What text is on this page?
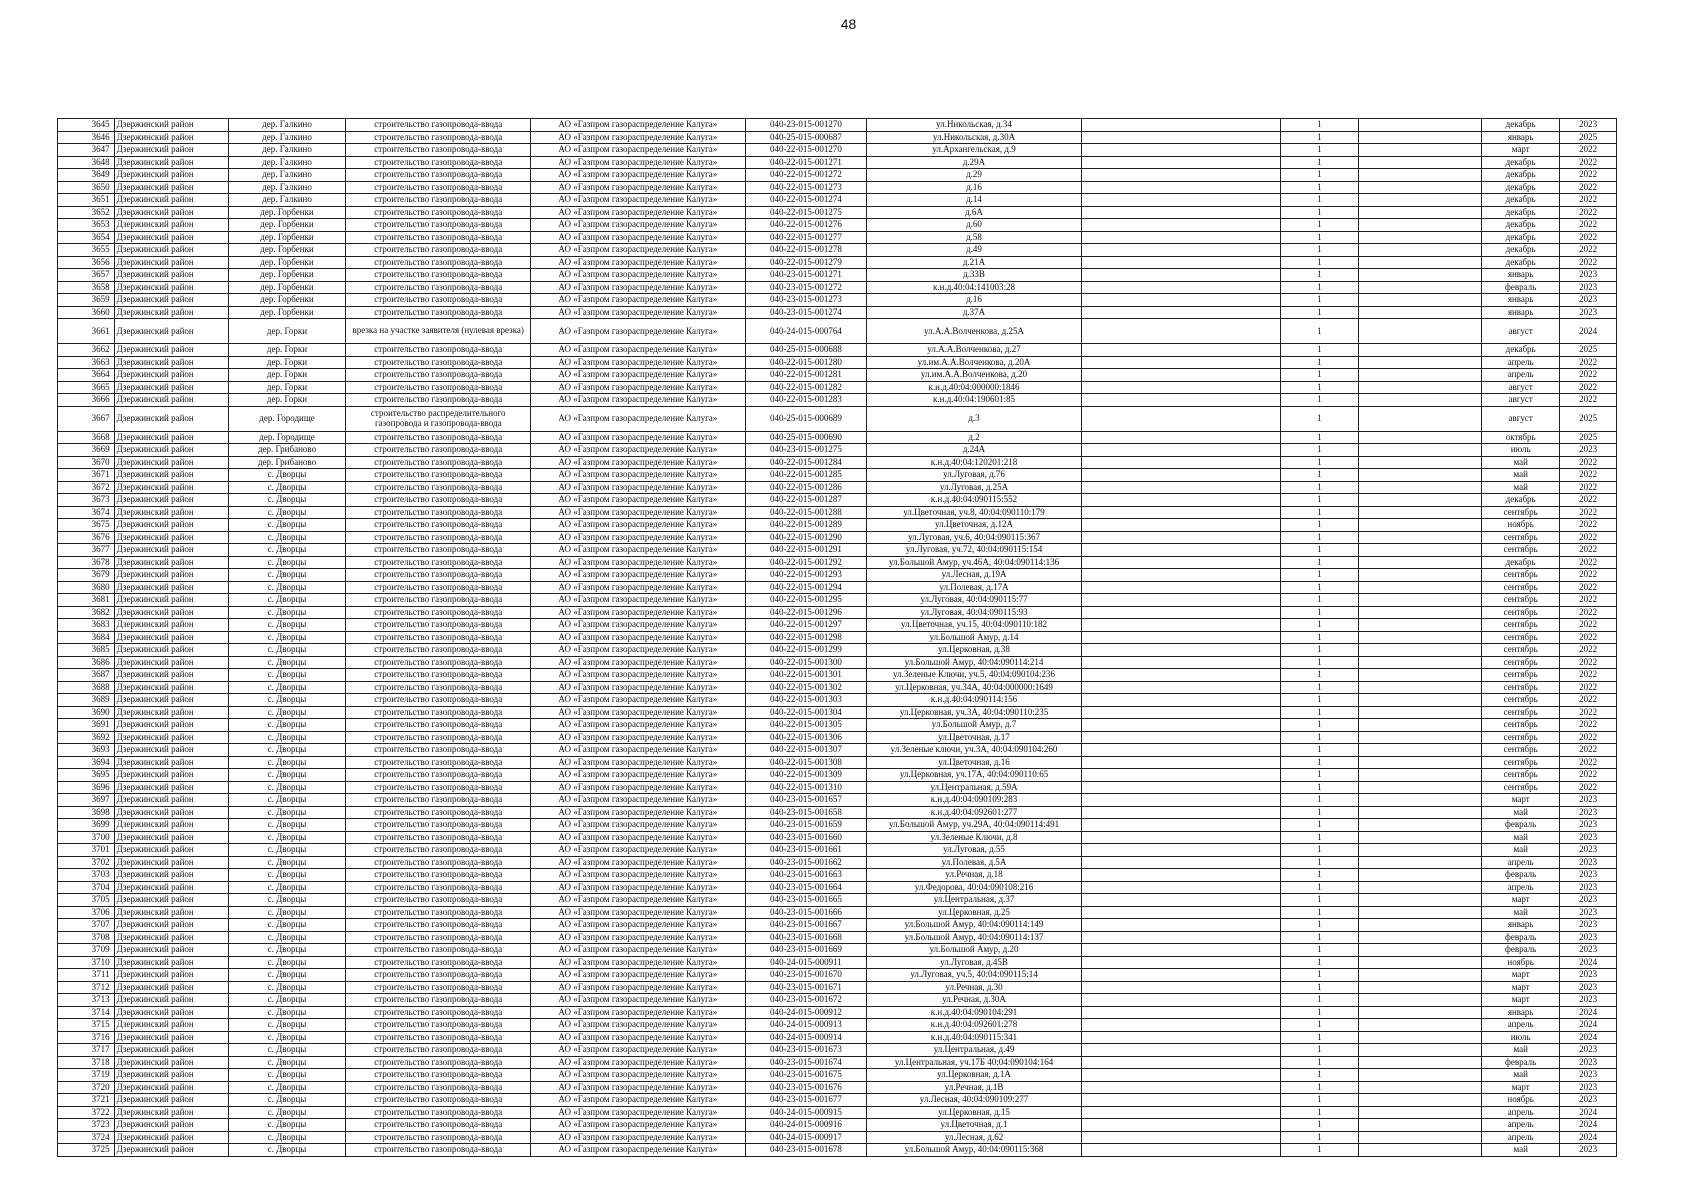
48
3645	Дзержинский район	дер. Галкино	строительство газопровода-ввода	АО «Газпром газораспределение Калуга»	040-23-015-001270	ул.Никольская, д.34		1		декабрь	2023
3646	Дзержинский район	дер. Галкино	строительство газопровода-ввода	АО «Газпром газораспределение Калуга»	040-25-015-000687	ул.Никольская, д.30А		1		январь	2025
3647	Дзержинский район	дер. Галкино	строительство газопровода-ввода	АО «Газпром газораспределение Калуга»	040-22-015-001270	ул.Архангельская, д.9		1		март	2022
3648	Дзержинский район	дер. Галкино	строительство газопровода-ввода	АО «Газпром газораспределение Калуга»	040-22-015-001271	д.29А		1		декабрь	2022
3649	Дзержинский район	дер. Галкино	строительство газопровода-ввода	АО «Газпром газораспределение Калуга»	040-22-015-001272	д.29		1		декабрь	2022
3650	Дзержинский район	дер. Галкино	строительство газопровода-ввода	АО «Газпром газораспределение Калуга»	040-22-015-001273	д.16		1		декабрь	2022
3651	Дзержинский район	дер. Галкино	строительство газопровода-ввода	АО «Газпром газораспределение Калуга»	040-22-015-001274	д.14		1		декабрь	2022
3652	Дзержинский район	дер. Горбенки	строительство газопровода-ввода	АО «Газпром газораспределение Калуга»	040-22-015-001275	д.6А		1		декабрь	2022
3653	Дзержинский район	дер. Горбенки	строительство газопровода-ввода	АО «Газпром газораспределение Калуга»	040-22-015-001276	д.60		1		декабрь	2022
3654	Дзержинский район	дер. Горбенки	строительство газопровода-ввода	АО «Газпром газораспределение Калуга»	040-22-015-001277	д.58		1		декабрь	2022
3655	Дзержинский район	дер. Горбенки	строительство газопровода-ввода	АО «Газпром газораспределение Калуга»	040-22-015-001278	д.49		1		декабрь	2022
3656	Дзержинский район	дер. Горбенки	строительство газопровода-ввода	АО «Газпром газораспределение Калуга»	040-22-015-001279	д.21А		1		декабрь	2022
3657	Дзержинский район	дер. Горбенки	строительство газопровода-ввода	АО «Газпром газораспределение Калуга»	040-23-015-001271	д.33В		1		январь	2023
3658	Дзержинский район	дер. Горбенки	строительство газопровода-ввода	АО «Газпром газораспределение Калуга»	040-23-015-001272	к.н.д.40:04:141003:28		1		февраль	2023
3659	Дзержинский район	дер. Горбенки	строительство газопровода-ввода	АО «Газпром газораспределение Калуга»	040-23-015-001273	д.16		1		январь	2023
3660	Дзержинский район	дер. Горбенки	строительство газопровода-ввода	АО «Газпром газораспределение Калуга»	040-23-015-001274	д.37А		1		январь	2023
3661	Дзержинский район	дер. Горки	врезка на участке заявителя (нулевая врезка)	АО «Газпром газораспределение Калуга»	040-24-015-000764	ул.А.А.Волченкова, д.25А		1		август	2024
3662	Дзержинский район	дер. Горки	строительство газопровода-ввода	АО «Газпром газораспределение Калуга»	040-25-015-000688	ул.А.А.Волченкова, д.27		1		декабрь	2025
3663	Дзержинский район	дер. Горки	строительство газопровода-ввода	АО «Газпром газораспределение Калуга»	040-22-015-001280	ул.им.А.А.Волченкова, д.20А		1		апрель	2022
3664	Дзержинский район	дер. Горки	строительство газопровода-ввода	АО «Газпром газораспределение Калуга»	040-22-015-001281	ул.им.А.А.Волченкова, д.20		1		апрель	2022
3665	Дзержинский район	дер. Горки	строительство газопровода-ввода	АО «Газпром газораспределение Калуга»	040-22-015-001282	к.н.д.40:04:000000:1846		1		август	2022
3666	Дзержинский район	дер. Горки	строительство газопровода-ввода	АО «Газпром газораспределение Калуга»	040-22-015-001283	к.н.д.40:04:190601:85		1		август	2022
3667	Дзержинский район	дер. Городище	строительство распределительного газопровода и газопровода-ввода	АО «Газпром газораспределение Калуга»	040-25-015-000689	д.3		1		август	2025
3668	Дзержинский район	дер. Городище	строительство газопровода-ввода	АО «Газпром газораспределение Калуга»	040-25-015-000690	д.2		1		октябрь	2025
3669	Дзержинский район	дер. Грибаново	строительство газопровода-ввода	АО «Газпром газораспределение Калуга»	040-23-015-001275	д.24А		1		июль	2023
3670	Дзержинский район	дер. Грибаново	строительство газопровода-ввода	АО «Газпром газораспределение Калуга»	040-22-015-001284	к.н.д.40:04:120201:218		1		май	2022
3671	Дзержинский район	с. Дворцы	строительство газопровода-ввода	АО «Газпром газораспределение Калуга»	040-22-015-001285	ул.Луговая, д.76		1		май	2022
3672	Дзержинский район	с. Дворцы	строительство газопровода-ввода	АО «Газпром газораспределение Калуга»	040-22-015-001286	ул.Луговая, д.25А		1		май	2022
3673	Дзержинский район	с. Дворцы	строительство газопровода-ввода	АО «Газпром газораспределение Калуга»	040-22-015-001287	к.н.д.40:04:090115:552		1		декабрь	2022
3674	Дзержинский район	с. Дворцы	строительство газопровода-ввода	АО «Газпром газораспределение Калуга»	040-22-015-001288	ул.Цветочная, уч.8, 40:04:090110:179		1		сентябрь	2022
3675	Дзержинский район	с. Дворцы	строительство газопровода-ввода	АО «Газпром газораспределение Калуга»	040-22-015-001289	ул.Цветочная, д.12А		1		ноябрь	2022
3676	Дзержинский район	с. Дворцы	строительство газопровода-ввода	АО «Газпром газораспределение Калуга»	040-22-015-001290	ул.Луговая, уч.6, 40:04:090115:367		1		сентябрь	2022
3677	Дзержинский район	с. Дворцы	строительство газопровода-ввода	АО «Газпром газораспределение Калуга»	040-22-015-001291	ул.Луговая, уч.72, 40:04:090115:154		1		сентябрь	2022
3678	Дзержинский район	с. Дворцы	строительство газопровода-ввода	АО «Газпром газораспределение Калуга»	040-22-015-001292	ул.Большой Амур, уч.46А, 40:04:090114:136		1		декабрь	2022
3679	Дзержинский район	с. Дворцы	строительство газопровода-ввода	АО «Газпром газораспределение Калуга»	040-22-015-001293	ул.Лесная, д.19А		1		сентябрь	2022
3680	Дзержинский район	с. Дворцы	строительство газопровода-ввода	АО «Газпром газораспределение Калуга»	040-22-015-001294	ул.Полевая, д.17А		1		сентябрь	2022
3681	Дзержинский район	с. Дворцы	строительство газопровода-ввода	АО «Газпром газораспределение Калуга»	040-22-015-001295	ул.Луговая, 40:04:090115:77		1		сентябрь	2022
3682	Дзержинский район	с. Дворцы	строительство газопровода-ввода	АО «Газпром газораспределение Калуга»	040-22-015-001296	ул.Луговая, 40:04:090115:93		1		сентябрь	2022
3683	Дзержинский район	с. Дворцы	строительство газопровода-ввода	АО «Газпром газораспределение Калуга»	040-22-015-001297	ул.Цветочная, уч.15, 40:04:090110:182		1		сентябрь	2022
3684	Дзержинский район	с. Дворцы	строительство газопровода-ввода	АО «Газпром газораспределение Калуга»	040-22-015-001298	ул.Большой Амур, д.14		1		сентябрь	2022
3685	Дзержинский район	с. Дворцы	строительство газопровода-ввода	АО «Газпром газораспределение Калуга»	040-22-015-001299	ул.Церковная, д.38		1		сентябрь	2022
3686	Дзержинский район	с. Дворцы	строительство газопровода-ввода	АО «Газпром газораспределение Калуга»	040-22-015-001300	ул.Большой Амур, 40:04:090114:214		1		сентябрь	2022
3687	Дзержинский район	с. Дворцы	строительство газопровода-ввода	АО «Газпром газораспределение Калуга»	040-22-015-001301	ул.Зеленые Ключи, уч.5, 40:04:090104:236		1		сентябрь	2022
3688	Дзержинский район	с. Дворцы	строительство газопровода-ввода	АО «Газпром газораспределение Калуга»	040-22-015-001302	ул.Церковная, уч.34А, 40:04:000000:1649		1		сентябрь	2022
3689	Дзержинский район	с. Дворцы	строительство газопровода-ввода	АО «Газпром газораспределение Калуга»	040-22-015-001303	к.н.д.40:04:090114:156		1		сентябрь	2022
3690	Дзержинский район	с. Дворцы	строительство газопровода-ввода	АО «Газпром газораспределение Калуга»	040-22-015-001304	ул.Церковная, уч.3А, 40:04:090110:235		1		сентябрь	2022
3691	Дзержинский район	с. Дворцы	строительство газопровода-ввода	АО «Газпром газораспределение Калуга»	040-22-015-001305	ул.Большой Амур, д.7		1		сентябрь	2022
3692	Дзержинский район	с. Дворцы	строительство газопровода-ввода	АО «Газпром газораспределение Калуга»	040-22-015-001306	ул.Цветочная, д.17		1		сентябрь	2022
3693	Дзержинский район	с. Дворцы	строительство газопровода-ввода	АО «Газпром газораспределение Калуга»	040-22-015-001307	ул.Зеленые ключи, уч.3А, 40:04:090104:260		1		сентябрь	2022
3694	Дзержинский район	с. Дворцы	строительство газопровода-ввода	АО «Газпром газораспределение Калуга»	040-22-015-001308	ул.Цветочная, д.16		1		сентябрь	2022
3695	Дзержинский район	с. Дворцы	строительство газопровода-ввода	АО «Газпром газораспределение Калуга»	040-22-015-001309	ул.Церковная, уч.17А, 40:04:090110:65		1		сентябрь	2022
3696	Дзержинский район	с. Дворцы	строительство газопровода-ввода	АО «Газпром газораспределение Калуга»	040-22-015-001310	ул.Центральная, д.59А		1		сентябрь	2022
3697	Дзержинский район	с. Дворцы	строительство газопровода-ввода	АО «Газпром газораспределение Калуга»	040-23-015-001657	к.н.д.40:04:090109:283		1		март	2023
3698	Дзержинский район	с. Дворцы	строительство газопровода-ввода	АО «Газпром газораспределение Калуга»	040-23-015-001658	к.н.д.40:04:092601:277		1		май	2023
3699	Дзержинский район	с. Дворцы	строительство газопровода-ввода	АО «Газпром газораспределение Калуга»	040-23-015-001659	ул.Большой Амур, уч.29А, 40:04:090114:491		1		февраль	2023
3700	Дзержинский район	с. Дворцы	строительство газопровода-ввода	АО «Газпром газораспределение Калуга»	040-23-015-001660	ул.Зеленые Ключи, д.8		1		май	2023
3701	Дзержинский район	с. Дворцы	строительство газопровода-ввода	АО «Газпром газораспределение Калуга»	040-23-015-001661	ул.Луговая, д.55		1		май	2023
3702	Дзержинский район	с. Дворцы	строительство газопровода-ввода	АО «Газпром газораспределение Калуга»	040-23-015-001662	ул.Полевая, д.5А		1		апрель	2023
3703	Дзержинский район	с. Дворцы	строительство газопровода-ввода	АО «Газпром газораспределение Калуга»	040-23-015-001663	ул.Речная, д.18		1		февраль	2023
3704	Дзержинский район	с. Дворцы	строительство газопровода-ввода	АО «Газпром газораспределение Калуга»	040-23-015-001664	ул.Федорова, 40:04:090108:216		1		апрель	2023
3705	Дзержинский район	с. Дворцы	строительство газопровода-ввода	АО «Газпром газораспределение Калуга»	040-23-015-001665	ул.Центральная, д.37		1		март	2023
3706	Дзержинский район	с. Дворцы	строительство газопровода-ввода	АО «Газпром газораспределение Калуга»	040-23-015-001666	ул.Церковная, д.25		1		май	2023
3707	Дзержинский район	с. Дворцы	строительство газопровода-ввода	АО «Газпром газораспределение Калуга»	040-23-015-001667	ул.Большой Амур, 40:04:090114:149		1		январь	2023
3708	Дзержинский район	с. Дворцы	строительство газопровода-ввода	АО «Газпром газораспределение Калуга»	040-23-015-001668	ул.Большой Амур, 40:04:090114:137		1		февраль	2023
3709	Дзержинский район	с. Дворцы	строительство газопровода-ввода	АО «Газпром газораспределение Калуга»	040-23-015-001669	ул.Большой Амур, д.20		1		февраль	2023
3710	Дзержинский район	с. Дворцы	строительство газопровода-ввода	АО «Газпром газораспределение Калуга»	040-24-015-000911	ул.Луговая, д.45В		1		ноябрь	2024
3711	Дзержинский район	с. Дворцы	строительство газопровода-ввода	АО «Газпром газораспределение Калуга»	040-23-015-001670	ул.Луговая, уч.5, 40:04:090115:14		1		март	2023
3712	Дзержинский район	с. Дворцы	строительство газопровода-ввода	АО «Газпром газораспределение Калуга»	040-23-015-001671	ул.Речная, д.30		1		март	2023
3713	Дзержинский район	с. Дворцы	строительство газопровода-ввода	АО «Газпром газораспределение Калуга»	040-23-015-001672	ул.Речная, д.30А		1		март	2023
3714	Дзержинский район	с. Дворцы	строительство газопровода-ввода	АО «Газпром газораспределение Калуга»	040-24-015-000912	к.н.д.40:04:090104:291		1		январь	2024
3715	Дзержинский район	с. Дворцы	строительство газопровода-ввода	АО «Газпром газораспределение Калуга»	040-24-015-000913	к.н.д.40:04:092601:278		1		апрель	2024
3716	Дзержинский район	с. Дворцы	строительство газопровода-ввода	АО «Газпром газораспределение Калуга»	040-24-015-000914	к.н.д.40:04:090115:341		1		июль	2024
3717	Дзержинский район	с. Дворцы	строительство газопровода-ввода	АО «Газпром газораспределение Калуга»	040-23-015-001673	ул.Центральная, д.49		1		май	2023
3718	Дзержинский район	с. Дворцы	строительство газопровода-ввода	АО «Газпром газораспределение Калуга»	040-23-015-001674	ул.Центральная, уч.17Б 40:04:090104:164		1		февраль	2023
3719	Дзержинский район	с. Дворцы	строительство газопровода-ввода	АО «Газпром газораспределение Калуга»	040-23-015-001675	ул.Церковная, д.1А		1		май	2023
3720	Дзержинский район	с. Дворцы	строительство газопровода-ввода	АО «Газпром газораспределение Калуга»	040-23-015-001676	ул.Речная, д.1В		1		март	2023
3721	Дзержинский район	с. Дворцы	строительство газопровода-ввода	АО «Газпром газораспределение Калуга»	040-23-015-001677	ул.Лесная, 40:04:090109:277		1		ноябрь	2023
3722	Дзержинский район	с. Дворцы	строительство газопровода-ввода	АО «Газпром газораспределение Калуга»	040-24-015-000915	ул.Церковная, д.15		1		апрель	2024
3723	Дзержинский район	с. Дворцы	строительство газопровода-ввода	АО «Газпром газораспределение Калуга»	040-24-015-000916	ул.Цветочная, д.1		1		апрель	2024
3724	Дзержинский район	с. Дворцы	строительство газопровода-ввода	АО «Газпром газораспределение Калуга»	040-24-015-000917	ул.Лесная, д.62		1		апрель	2024
3725	Дзержинский район	с. Дворцы	строительство газопровода-ввода	АО «Газпром газораспределение Калуга»	040-23-015-001678	ул.Большой Амур, 40:04:090115:368		1		май	2023
